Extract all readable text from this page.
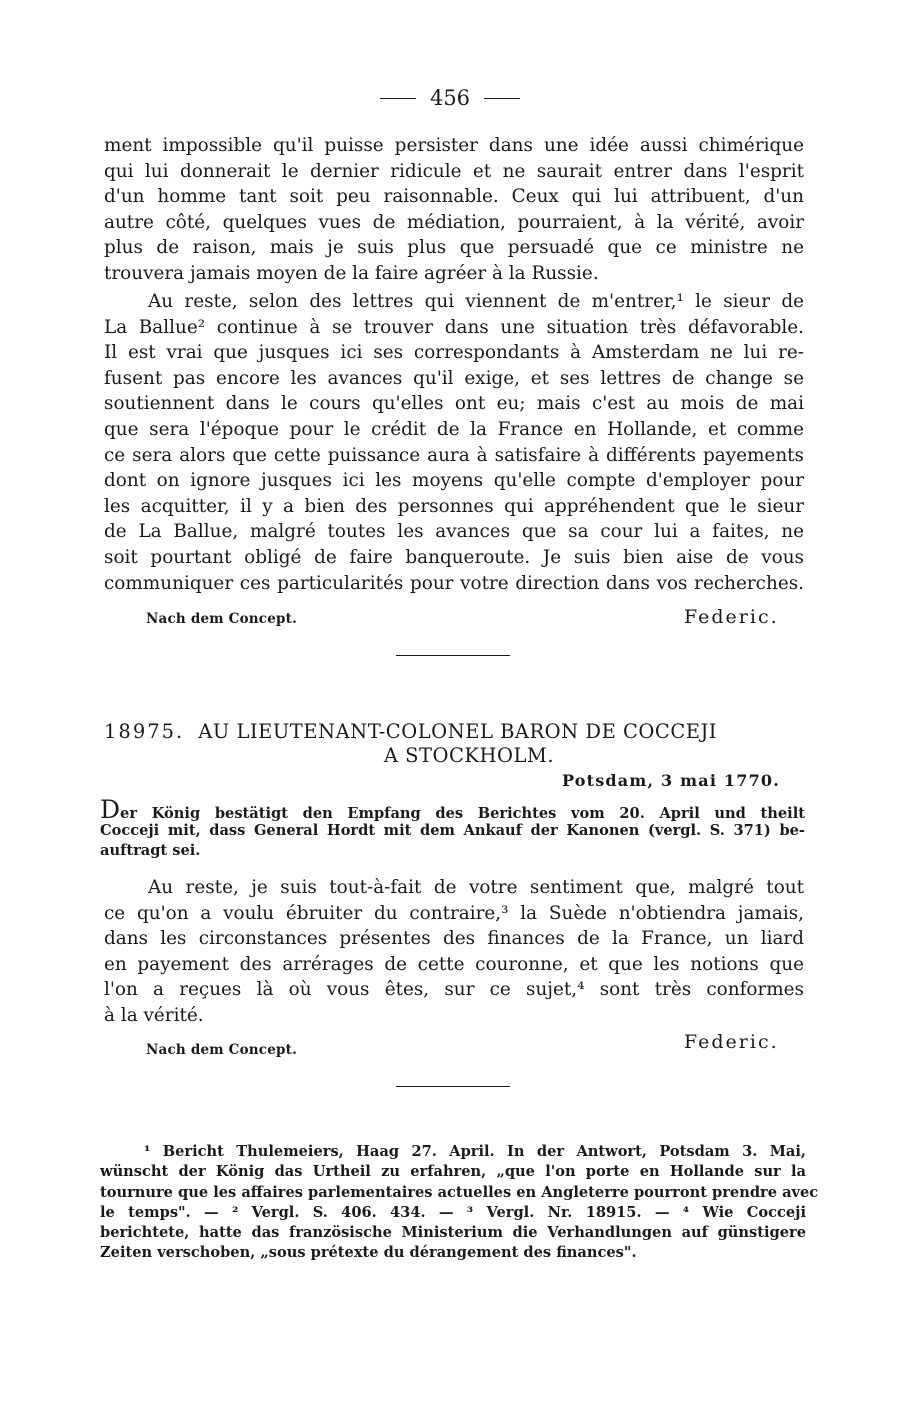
456
ment impossible qu'il puisse persister dans une idée aussi chimérique
qui lui donnerait le dernier ridicule et ne saurait entrer dans l'esprit
d'un homme tant soit peu raisonnable. Ceux qui lui attribuent, d'un
autre côté, quelques vues de médiation, pourraient, à la vérité, avoir
plus de raison, mais je suis plus que persuadé que ce ministre ne
trouvera jamais moyen de la faire agréer à la Russie.
Au reste, selon des lettres qui viennent de m'entrer,¹ le sieur de
La Ballue² continue à se trouver dans une situation très défavorable.
Il est vrai que jusques ici ses correspondants à Amsterdam ne lui re-
fusent pas encore les avances qu'il exige, et ses lettres de change se
soutiennent dans le cours qu'elles ont eu; mais c'est au mois de mai
que sera l'époque pour le crédit de la France en Hollande, et comme
ce sera alors que cette puissance aura à satisfaire à différents payements
dont on ignore jusques ici les moyens qu'elle compte d'employer pour
les acquitter, il y a bien des personnes qui appréhendent que le sieur
de La Ballue, malgré toutes les avances que sa cour lui a faites, ne
soit pourtant obligé de faire banqueroute. Je suis bien aise de vous
communiquer ces particularités pour votre direction dans vos recherches.
Nach dem Concept.	Federic.
18975. AU LIEUTENANT-COLONEL BARON DE COCCEJI
A STOCKHOLM.
Potsdam, 3 mai 1770.
Der König bestätigt den Empfang des Berichtes vom 20. April und theilt
Cocceji mit, dass General Hordt mit dem Ankauf der Kanonen (vergl. S. 371) be-
auftragt sei.
Au reste, je suis tout-à-fait de votre sentiment que, malgré tout
ce qu'on a voulu ébruiter du contraire,³ la Suède n'obtiendra jamais,
dans les circonstances présentes des finances de la France, un liard
en payement des arrérages de cette couronne, et que les notions que
l'on a reçues là où vous êtes, sur ce sujet,⁴ sont très conformes
à la vérité.
Nach dem Concept.	Federic.
¹ Bericht Thulemeiers, Haag 27. April. In der Antwort, Potsdam 3. Mai,
wünscht der König das Urtheil zu erfahren, „que l'on porte en Hollande sur la
tournure que les affaires parlementaires actuelles en Angleterre pourront prendre avec
le temps". — ² Vergl. S. 406. 434. — ³ Vergl. Nr. 18915. — ⁴ Wie Cocceji
berichtete, hatte das französische Ministerium die Verhandlungen auf günstigere
Zeiten verschoben, „sous prétexte du dérangement des finances".
